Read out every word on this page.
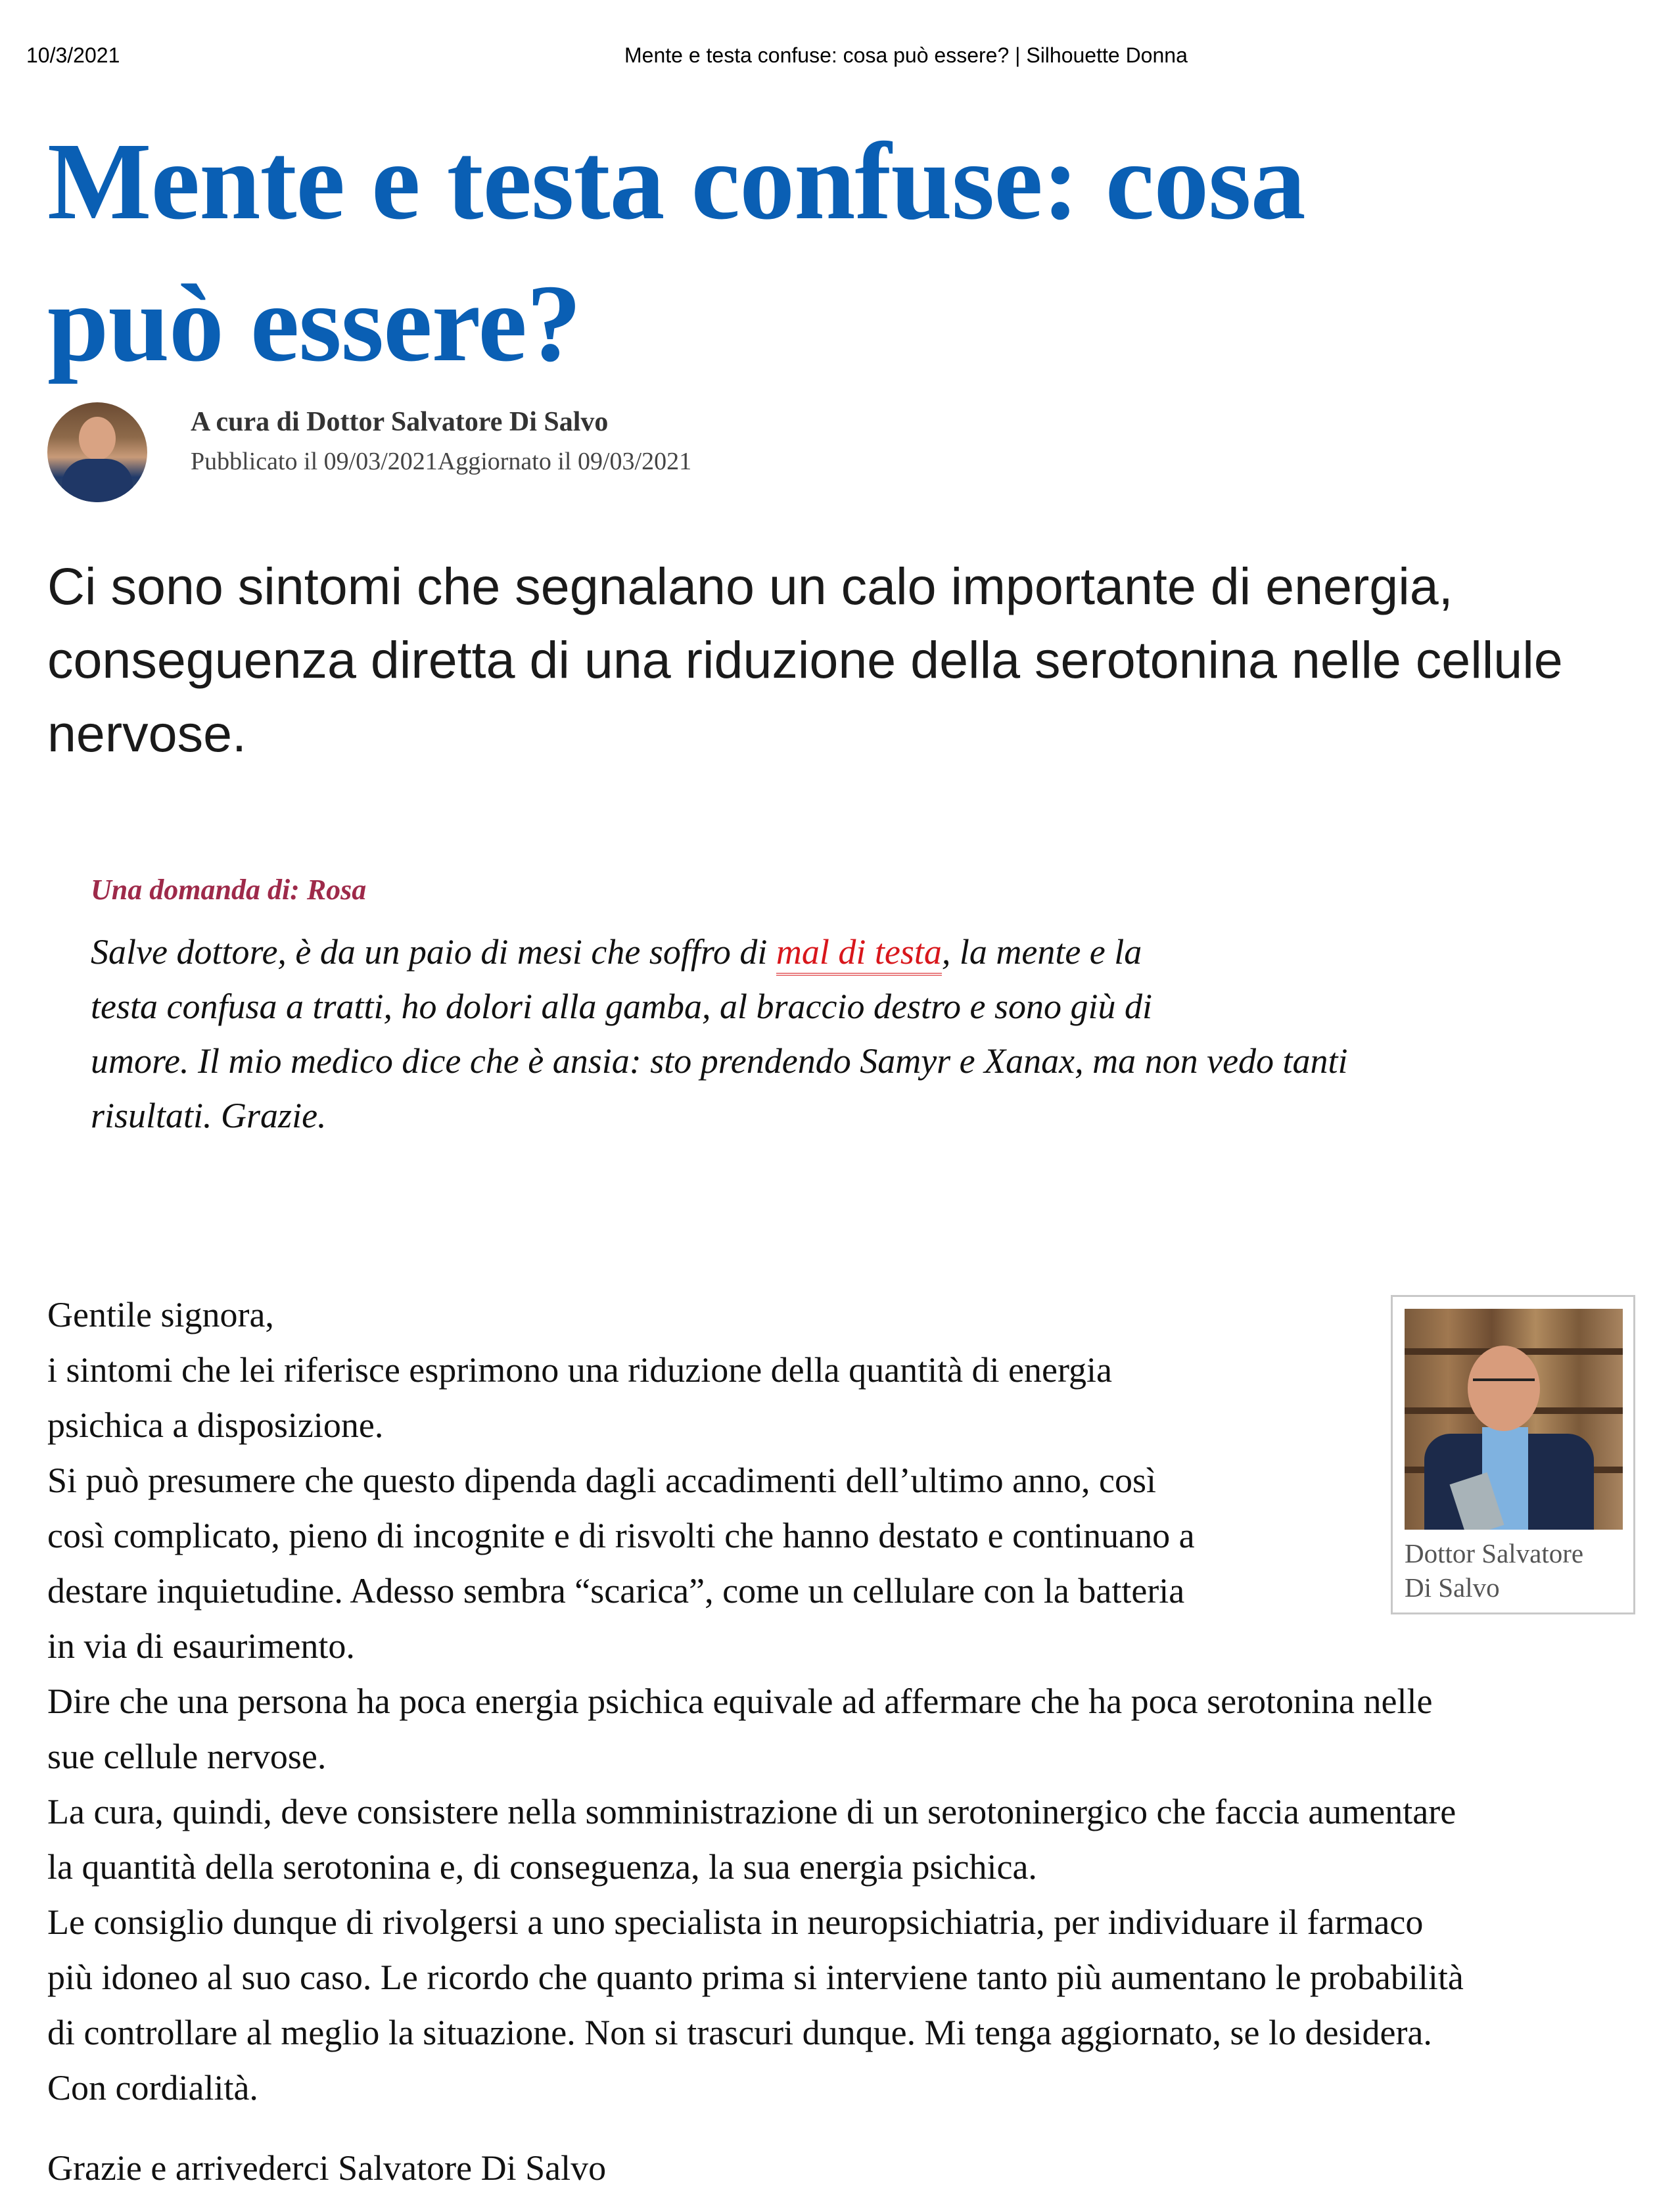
10/3/2021	Mente e testa confuse: cosa può essere? | Silhouette Donna
Mente e testa confuse: cosa
può essere?
A cura di Dottor Salvatore Di Salvo
Pubblicato il 09/03/2021Aggiornato il 09/03/2021

Ci sono sintomi che segnalano un calo importante di energia,
conseguenza diretta di una riduzione della serotonina nelle cellule
nervose.

Una domanda di: Rosa

Salve dottore, è da un paio di mesi che soffro di mal di testa, la mente e la
testa confusa a tratti, ho dolori alla gamba, al braccio destro e sono giù di
umore. Il mio medico dice che è ansia: sto prendendo Samyr e Xanax, ma non vedo tanti
risultati. Grazie.

Gentile signora,
i sintomi che lei riferisce esprimono una riduzione della quantità di energia
psichica a disposizione.
Si può presumere che questo dipenda dagli accadimenti dell’ultimo anno, così
così complicato, pieno di incognite e di risvolti che hanno destato e continuano a
destare inquietudine. Adesso sembra “scarica”, come un cellulare con la batteria
in via di esaurimento.
Dire che una persona ha poca energia psichica equivale ad affermare che ha poca serotonina nelle
sue cellule nervose.
La cura, quindi, deve consistere nella somministrazione di un serotoninergico che faccia aumentare
la quantità della serotonina e, di conseguenza, la sua energia psichica.
Le consiglio dunque di rivolgersi a uno specialista in neuropsichiatria, per individuare il farmaco
più idoneo al suo caso. Le ricordo che quanto prima si interviene tanto più aumentano le probabilità
di controllare al meglio la situazione. Non si trascuri dunque. Mi tenga aggiornato, se lo desidera.
Con cordialità.

Dottor Salvatore
Di Salvo

Grazie e arrivederci Salvatore Di Salvo
